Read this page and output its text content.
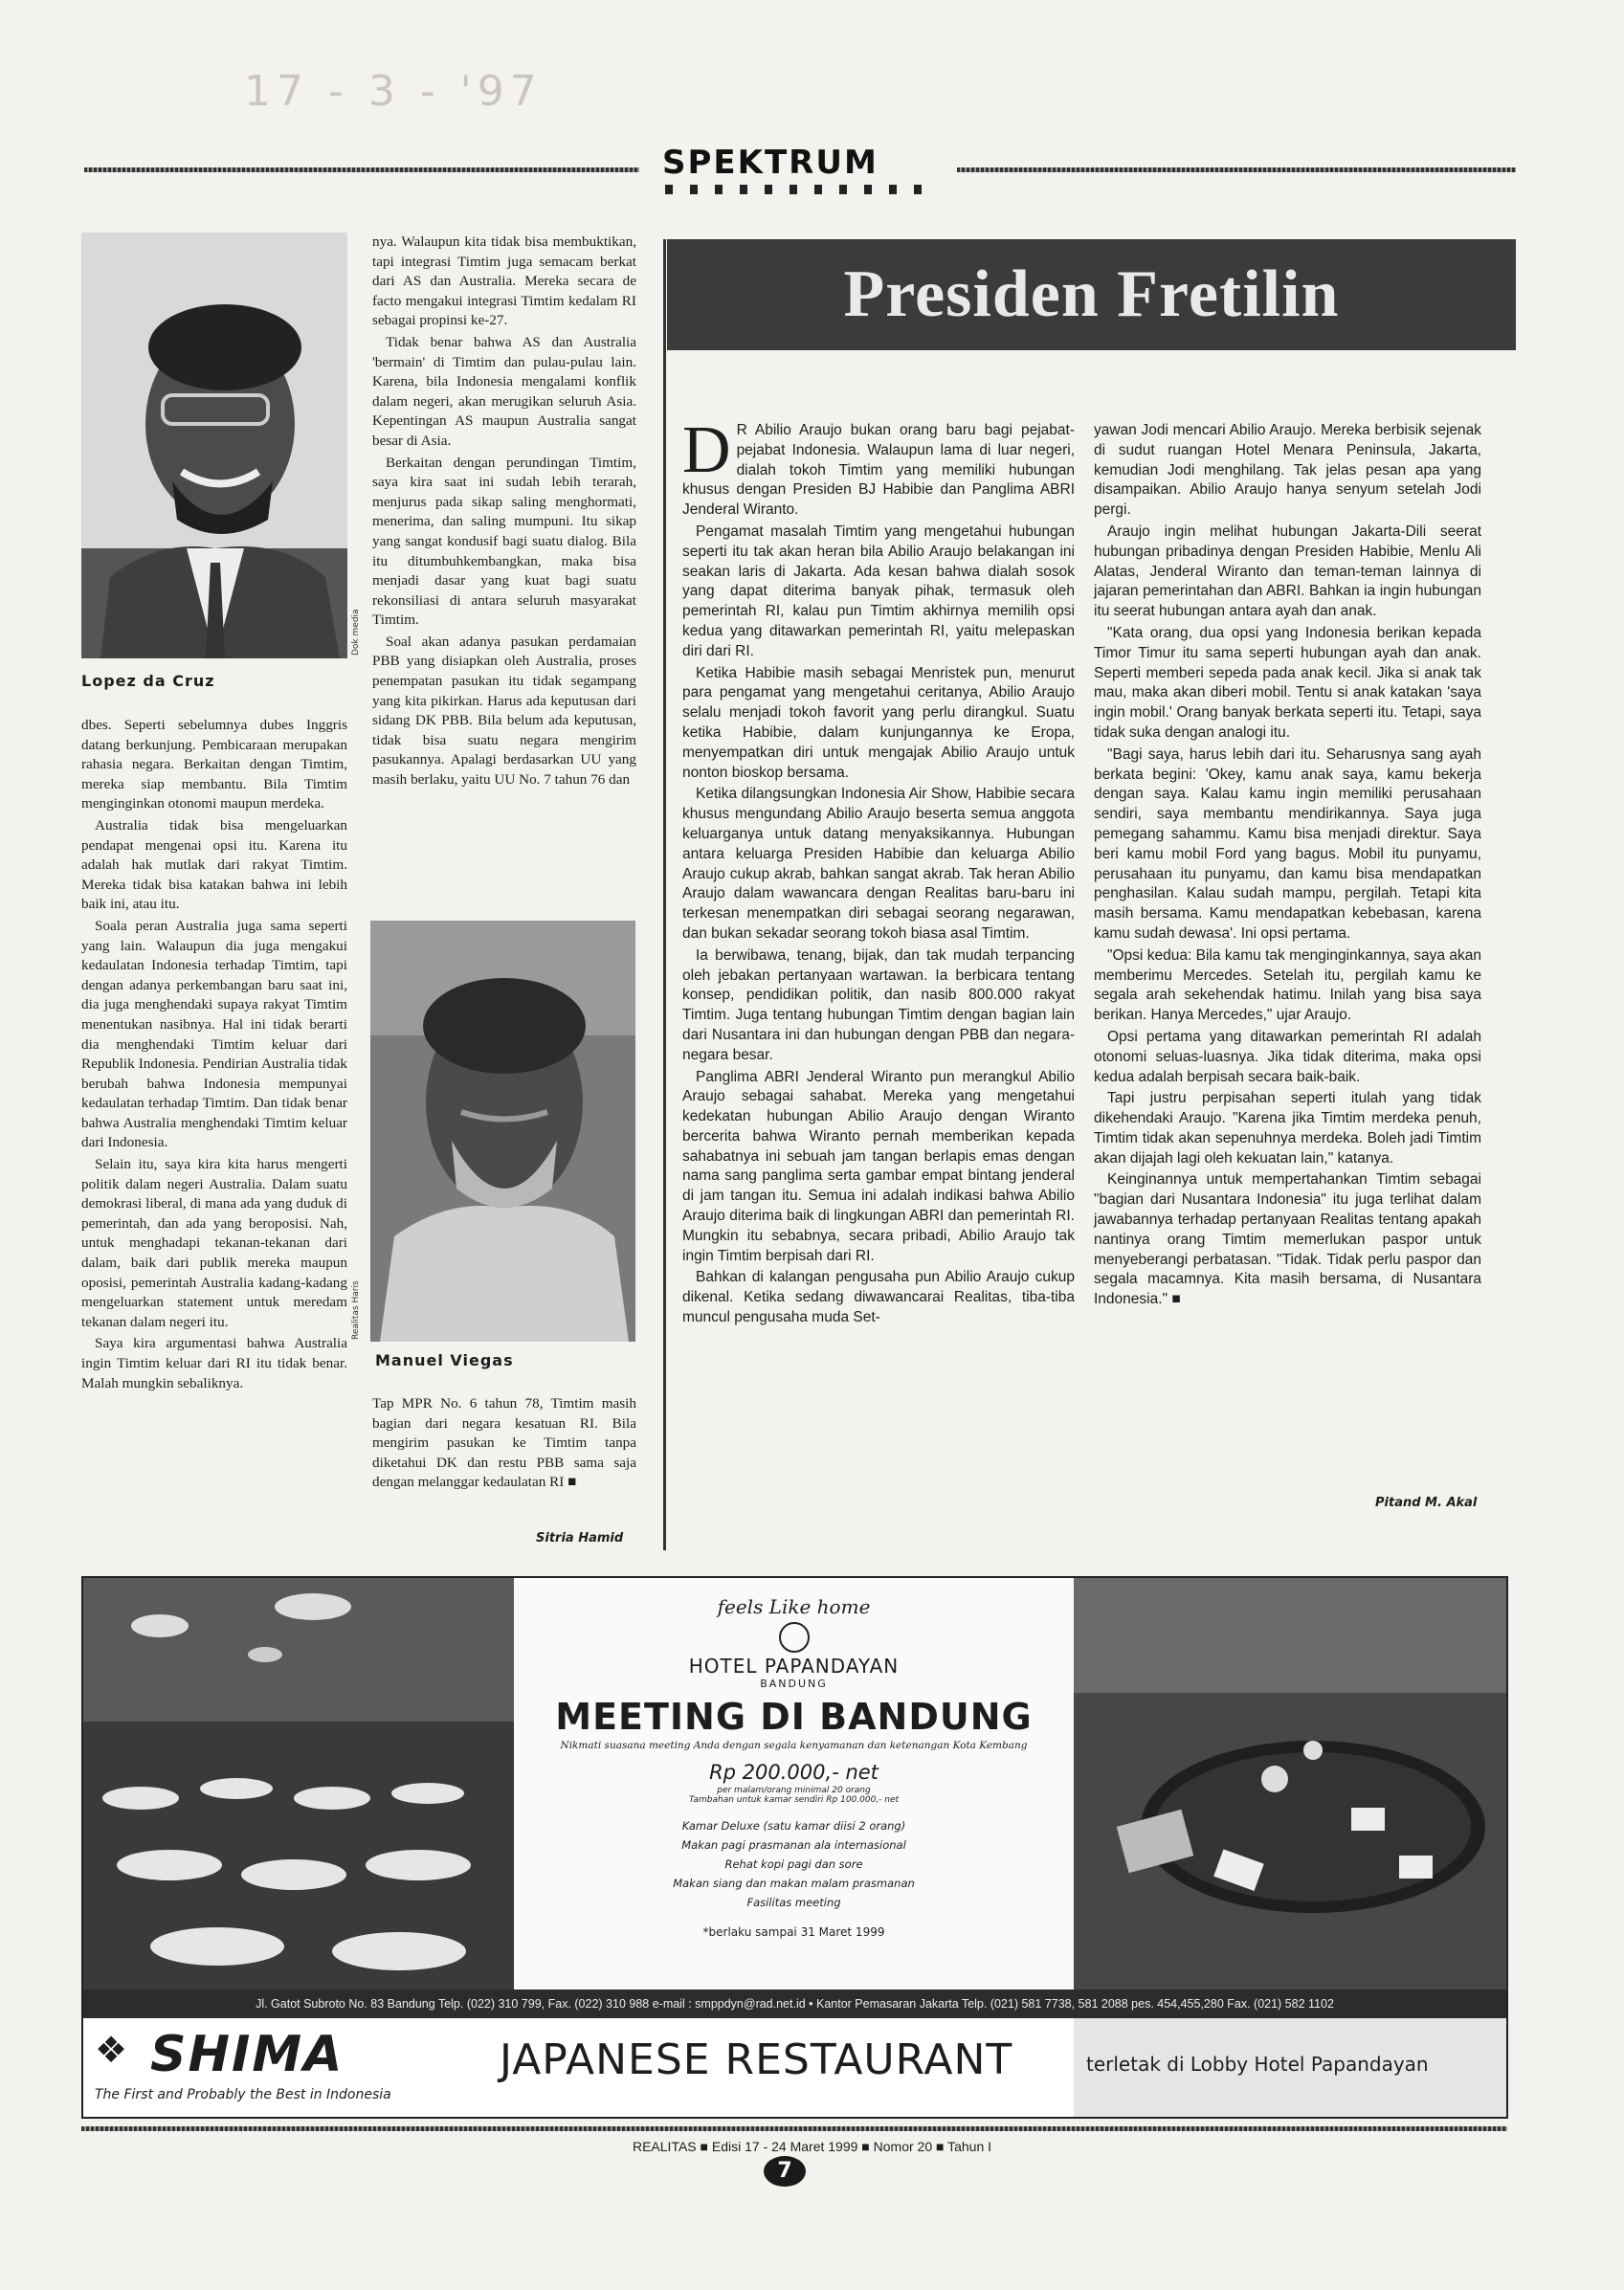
17 - 3 - '97
SPEKTRUM
Dok media
Lopez da Cruz

dbes. Seperti sebelumnya dubes Inggris datang berkunjung. Pembicaraan merupakan rahasia negara. Berkaitan dengan Timtim, mereka siap membantu. Bila Timtim menginginkan otonomi maupun merdeka.

Australia tidak bisa mengeluarkan pendapat mengenai opsi itu. Karena itu adalah hak mutlak dari rakyat Timtim. Mereka tidak bisa katakan bahwa ini lebih baik ini, atau itu.

Soala peran Australia juga sama seperti yang lain. Walaupun dia juga mengakui kedaulatan Indonesia terhadap Timtim, tapi dengan adanya perkembangan baru saat ini, dia juga menghendaki supaya rakyat Timtim menentukan nasibnya. Hal ini tidak berarti dia menghendaki Timtim keluar dari Republik Indonesia. Pendirian Australia tidak berubah bahwa Indonesia mempunyai kedaulatan terhadap Timtim. Dan tidak benar bahwa Australia menghendaki Timtim keluar dari Indonesia.

Selain itu, saya kira kita harus mengerti politik dalam negeri Australia. Dalam suatu demokrasi liberal, di mana ada yang duduk di pemerintah, dan ada yang beroposisi. Nah, untuk menghadapi tekanan-tekanan dari dalam, baik dari publik mereka maupun oposisi, pemerintah Australia kadang-kadang mengeluarkan statement untuk meredam tekanan dalam negeri itu.

Saya kira argumentasi bahwa Australia ingin Timtim keluar dari RI itu tidak benar. Malah mungkin sebaliknya.

nya. Walaupun kita tidak bisa membuktikan, tapi integrasi Timtim juga semacam berkat dari AS dan Australia. Mereka secara de facto mengakui integrasi Timtim kedalam RI sebagai propinsi ke-27.

Tidak benar bahwa AS dan Australia 'bermain' di Timtim dan pulau-pulau lain. Karena, bila Indonesia mengalami konflik dalam negeri, akan merugikan seluruh Asia. Kepentingan AS maupun Australia sangat besar di Asia.

Berkaitan dengan perundingan Timtim, saya kira saat ini sudah lebih terarah, menjurus pada sikap saling menghormati, menerima, dan saling mumpuni. Itu sikap yang sangat kondusif bagi suatu dialog. Bila itu ditumbuhkembangkan, maka bisa menjadi dasar yang kuat bagi suatu rekonsiliasi di antara seluruh masyarakat Timtim.

Soal akan adanya pasukan perdamaian PBB yang disiapkan oleh Australia, proses penempatan pasukan itu tidak segampang yang kita pikirkan. Harus ada keputusan dari sidang DK PBB. Bila belum ada keputusan, tidak bisa suatu negara mengirim pasukannya. Apalagi berdasarkan UU yang masih berlaku, yaitu UU No. 7 tahun 76 dan

Realitas Haris
Manuel Viegas

Tap MPR No. 6 tahun 78, Timtim masih bagian dari negara kesatuan RI. Bila mengirim pasukan ke Timtim tanpa diketahui DK dan restu PBB sama saja dengan melanggar kedaulatan RI ■

Sitria Hamid
Presiden Fretilin

D R Abilio Araujo bukan orang baru bagi pejabat-pejabat Indonesia. Walaupun lama di luar negeri, dialah tokoh Timtim yang memiliki hubungan khusus dengan Presiden BJ Habibie dan Panglima ABRI Jenderal Wiranto.

Pengamat masalah Timtim yang mengetahui hubungan seperti itu tak akan heran bila Abilio Araujo belakangan ini seakan laris di Jakarta. Ada kesan bahwa dialah sosok yang dapat diterima banyak pihak, termasuk oleh pemerintah RI, kalau pun Timtim akhirnya memilih opsi kedua yang ditawarkan pemerintah RI, yaitu melepaskan diri dari RI.

Ketika Habibie masih sebagai Menristek pun, menurut para pengamat yang mengetahui ceritanya, Abilio Araujo selalu menjadi tokoh favorit yang perlu dirangkul. Suatu ketika Habibie, dalam kunjungannya ke Eropa, menyempatkan diri untuk mengajak Abilio Araujo untuk nonton bioskop bersama.

Ketika dilangsungkan Indonesia Air Show, Habibie secara khusus mengundang Abilio Araujo beserta semua anggota keluarganya untuk datang menyaksikannya. Hubungan antara keluarga Presiden Habibie dan keluarga Abilio Araujo cukup akrab, bahkan sangat akrab. Tak heran Abilio Araujo dalam wawancara dengan Realitas baru-baru ini terkesan menempatkan diri sebagai seorang negarawan, dan bukan sekadar seorang tokoh biasa asal Timtim.

Ia berwibawa, tenang, bijak, dan tak mudah terpancing oleh jebakan pertanyaan wartawan. Ia berbicara tentang konsep, pendidikan politik, dan nasib 800.000 rakyat Timtim. Juga tentang hubungan Timtim dengan bagian lain dari Nusantara ini dan hubungan dengan PBB dan negara-negara besar.

Panglima ABRI Jenderal Wiranto pun merangkul Abilio Araujo sebagai sahabat. Mereka yang mengetahui kedekatan hubungan Abilio Araujo dengan Wiranto bercerita bahwa Wiranto pernah memberikan kepada sahabatnya ini sebuah jam tangan berlapis emas dengan nama sang panglima serta gambar empat bintang jenderal di jam tangan itu. Semua ini adalah indikasi bahwa Abilio Araujo diterima baik di lingkungan ABRI dan pemerintah RI. Mungkin itu sebabnya, secara pribadi, Abilio Araujo tak ingin Timtim berpisah dari RI.

Bahkan di kalangan pengusaha pun Abilio Araujo cukup dikenal. Ketika sedang diwawancarai Realitas, tiba-tiba muncul pengusaha muda Set-

yawan Jodi mencari Abilio Araujo. Mereka berbisik sejenak di sudut ruangan Hotel Menara Peninsula, Jakarta, kemudian Jodi menghilang. Tak jelas pesan apa yang disampaikan. Abilio Araujo hanya senyum setelah Jodi pergi.

Araujo ingin melihat hubungan Jakarta-Dili seerat hubungan pribadinya dengan Presiden Habibie, Menlu Ali Alatas, Jenderal Wiranto dan teman-teman lainnya di jajaran pemerintahan dan ABRI. Bahkan ia ingin hubungan itu seerat hubungan antara ayah dan anak.

"Kata orang, dua opsi yang Indonesia berikan kepada Timor Timur itu sama seperti hubungan ayah dan anak. Seperti memberi sepeda pada anak kecil. Jika si anak tak mau, maka akan diberi mobil. Tentu si anak katakan 'saya ingin mobil.' Orang banyak berkata seperti itu. Tetapi, saya tidak suka dengan analogi itu.

"Bagi saya, harus lebih dari itu. Seharusnya sang ayah berkata begini: 'Okey, kamu anak saya, kamu bekerja dengan saya. Kalau kamu ingin memiliki perusahaan sendiri, saya membantu mendirikannya. Saya juga pemegang sahammu. Kamu bisa menjadi direktur. Saya beri kamu mobil Ford yang bagus. Mobil itu punyamu, perusahaan itu punyamu, dan kamu bisa mendapatkan penghasilan. Kalau sudah mampu, pergilah. Tetapi kita masih bersama. Kamu mendapatkan kebebasan, karena kamu sudah dewasa'. Ini opsi pertama.

"Opsi kedua: Bila kamu tak menginginkannya, saya akan memberimu Mercedes. Setelah itu, pergilah kamu ke segala arah sekehendak hatimu. Inilah yang bisa saya berikan. Hanya Mercedes," ujar Araujo.

Opsi pertama yang ditawarkan pemerintah RI adalah otonomi seluas-luasnya. Jika tidak diterima, maka opsi kedua adalah berpisah secara baik-baik.

Tapi justru perpisahan seperti itulah yang tidak dikehendaki Araujo. "Karena jika Timtim merdeka penuh, Timtim tidak akan sepenuhnya merdeka. Boleh jadi Timtim akan dijajah lagi oleh kekuatan lain," katanya.

Keinginannya untuk mempertahankan Timtim sebagai "bagian dari Nusantara Indonesia" itu juga terlihat dalam jawabannya terhadap pertanyaan Realitas tentang apakah nantinya orang Timtim memerlukan paspor untuk menyeberangi perbatasan. "Tidak. Tidak perlu paspor dan segala macamnya. Kita masih bersama, di Nusantara Indonesia." ■

Pitand M. Akal
feels Like home
HOTEL PAPANDAYAN
BANDUNG
MEETING DI BANDUNG
Nikmati suasana meeting Anda dengan segala kenyamanan dan ketenangan Kota Kembang
Rp 200.000,- net
per malam/orang minimal 20 orang
Tambahan untuk kamar sendiri Rp 100.000,- net
Kamar Deluxe (satu kamar diisi 2 orang)
Makan pagi prasmanan ala internasional
Rehat kopi pagi dan sore
Makan siang dan makan malam prasmanan
Fasilitas meeting
*berlaku sampai 31 Maret 1999
Jl. Gatot Subroto No. 83 Bandung Telp. (022) 310 799, Fax. (022) 310 988 e-mail : smppdyn@rad.net.id • Kantor Pemasaran Jakarta Telp. (021) 581 7738, 581 2088 pes. 454,455,280 Fax. (021) 582 1102
❖ SHIMA
The First and Probably the Best in Indonesia
JAPANESE RESTAURANT	terletak di Lobby Hotel Papandayan
REALITAS ■ Edisi 17 - 24 Maret 1999 ■ Nomor 20 ■ Tahun I
7
